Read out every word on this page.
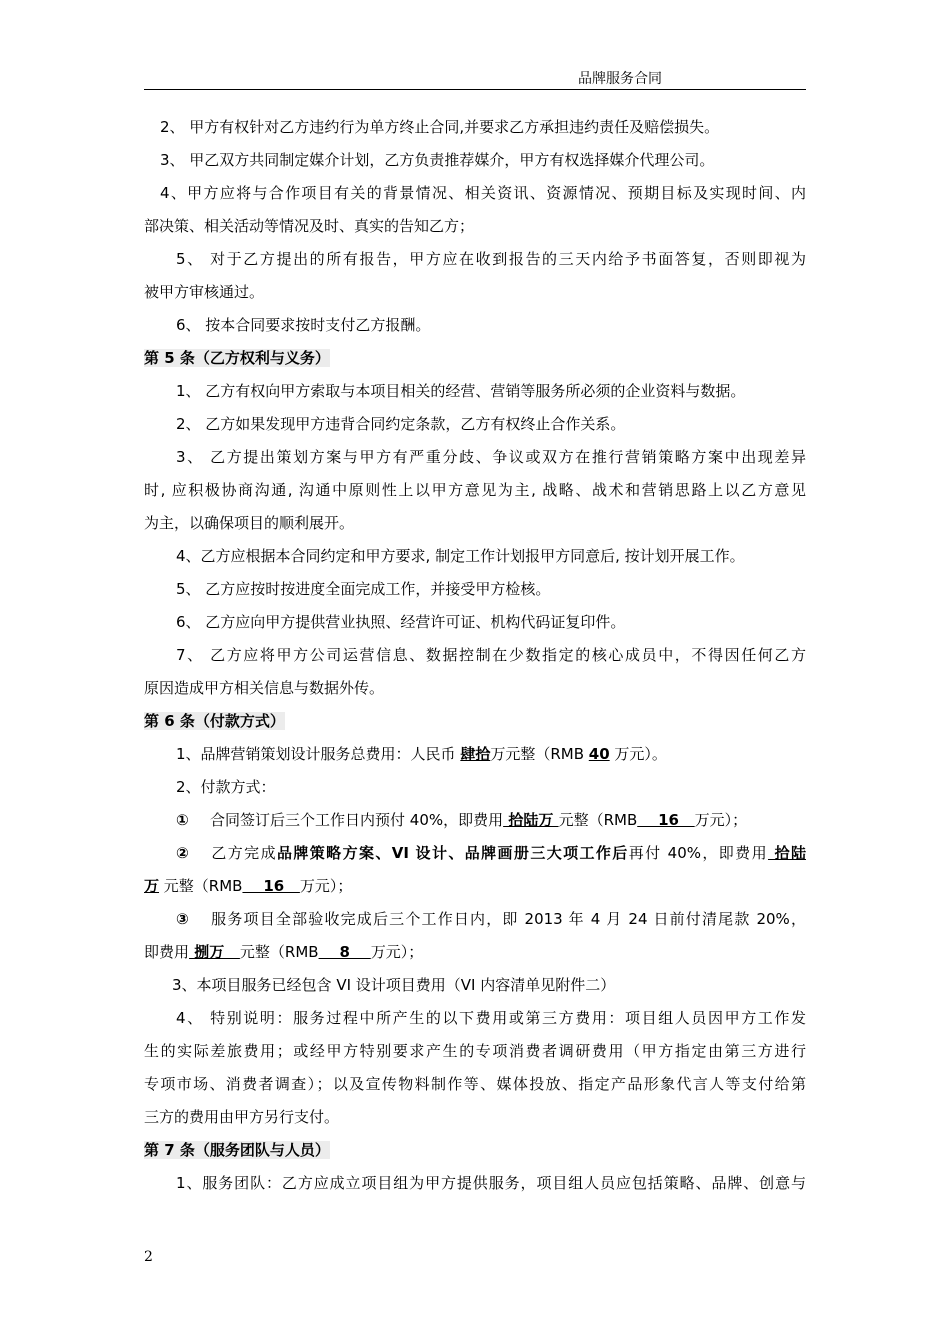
品牌服务合同
2、 甲方有权针对乙方违约行为单方终止合同,并要求乙方承担违约责任及赔偿损失。
3、 甲乙双方共同制定媒介计划，乙方负责推荐媒介，甲方有权选择媒介代理公司。
4、甲方应将与合作项目有关的背景情况、相关资讯、资源情况、预期目标及实现时间、内
部决策、相关活动等情况及时、真实的告知乙方；
5、 对于乙方提出的所有报告，甲方应在收到报告的三天内给予书面答复，否则即视为
被甲方审核通过。
6、 按本合同要求按时支付乙方报酬。
第 5 条（乙方权利与义务）
1、 乙方有权向甲方索取与本项目相关的经营、营销等服务所必须的企业资料与数据。
2、 乙方如果发现甲方违背合同约定条款，乙方有权终止合作关系。
3、 乙方提出策划方案与甲方有严重分歧、争议或双方在推行营销策略方案中出现差异
时, 应积极协商沟通, 沟通中原则性上以甲方意见为主, 战略、战术和营销思路上以乙方意见
为主，以确保项目的顺利展开。
4、乙方应根据本合同约定和甲方要求, 制定工作计划报甲方同意后, 按计划开展工作。
5、 乙方应按时按进度全面完成工作，并接受甲方检核。
6、 乙方应向甲方提供营业执照、经营许可证、机构代码证复印件。
7、 乙方应将甲方公司运营信息、数据控制在少数指定的核心成员中，不得因任何乙方
原因造成甲方相关信息与数据外传。
第 6 条（付款方式）
1、品牌营销策划设计服务总费用：人民币 肆拾万元整（RMB 40 万元）。
2、付款方式：
① 合同签订后三个工作日内预付 40%，即费用 拾陆万 元整（RMB    16   万元）；
② 乙方完成品牌策略方案、VI 设计、品牌画册三大项工作后再付 40%，即费用 拾陆
万 元整（RMB    16   万元）；
③ 服务项目全部验收完成后三个工作日内，即 2013 年 4 月 24 日前付清尾款 20%，
即费用 捌万   元整（RMB    8    万元）；
3、本项目服务已经包含 VI 设计项目费用（VI 内容清单见附件二）
4、 特别说明：服务过程中所产生的以下费用或第三方费用：项目组人员因甲方工作发
生的实际差旅费用；或经甲方特别要求产生的专项消费者调研费用（甲方指定由第三方进行
专项市场、消费者调查）；以及宣传物料制作等、媒体投放、指定产品形象代言人等支付给第
三方的费用由甲方另行支付。
第 7 条（服务团队与人员）
1、服务团队：乙方应成立项目组为甲方提供服务，项目组人员应包括策略、品牌、创意与
2
